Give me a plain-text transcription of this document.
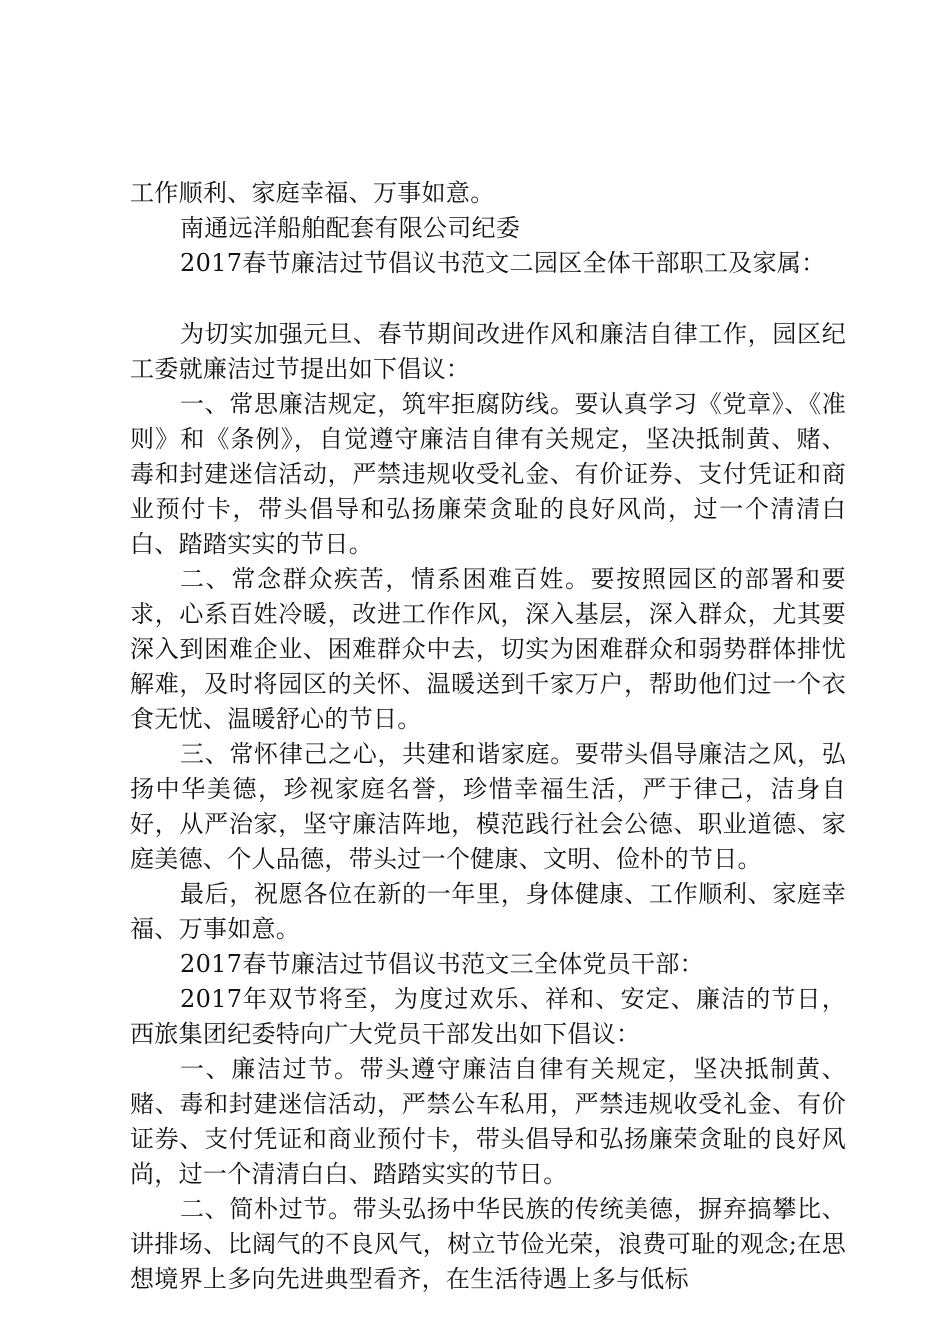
工作顺利、家庭幸福、万事如意。

南通远洋船舶配套有限公司纪委

2017春节廉洁过节倡议书范文二园区全体干部职工及家属：

为切实加强元旦、春节期间改进作风和廉洁自律工作，园区纪工委就廉洁过节提出如下倡议：

一、常思廉洁规定，筑牢拒腐防线。要认真学习《党章》、《准则》和《条例》，自觉遵守廉洁自律有关规定，坚决抵制黄、赌、毒和封建迷信活动，严禁违规收受礼金、有价证券、支付凭证和商业预付卡，带头倡导和弘扬廉荣贪耻的良好风尚，过一个清清白白、踏踏实实的节日。

二、常念群众疾苦，情系困难百姓。要按照园区的部署和要求，心系百姓冷暖，改进工作作风，深入基层，深入群众，尤其要深入到困难企业、困难群众中去，切实为困难群众和弱势群体排忧解难，及时将园区的关怀、温暖送到千家万户，帮助他们过一个衣食无忧、温暖舒心的节日。

三、常怀律己之心，共建和谐家庭。要带头倡导廉洁之风，弘扬中华美德，珍视家庭名誉，珍惜幸福生活，严于律己，洁身自好，从严治家，坚守廉洁阵地，模范践行社会公德、职业道德、家庭美德、个人品德，带头过一个健康、文明、俭朴的节日。

最后，祝愿各位在新的一年里，身体健康、工作顺利、家庭幸福、万事如意。

2017春节廉洁过节倡议书范文三全体党员干部：

2017年双节将至，为度过欢乐、祥和、安定、廉洁的节日，西旅集团纪委特向广大党员干部发出如下倡议：

一、廉洁过节。带头遵守廉洁自律有关规定，坚决抵制黄、赌、毒和封建迷信活动，严禁公车私用，严禁违规收受礼金、有价证券、支付凭证和商业预付卡，带头倡导和弘扬廉荣贪耻的良好风尚，过一个清清白白、踏踏实实的节日。

二、简朴过节。带头弘扬中华民族的传统美德，摒弃搞攀比、讲排场、比阔气的不良风气，树立节俭光荣，浪费可耻的观念;在思想境界上多向先进典型看齐，在生活待遇上多与低标
